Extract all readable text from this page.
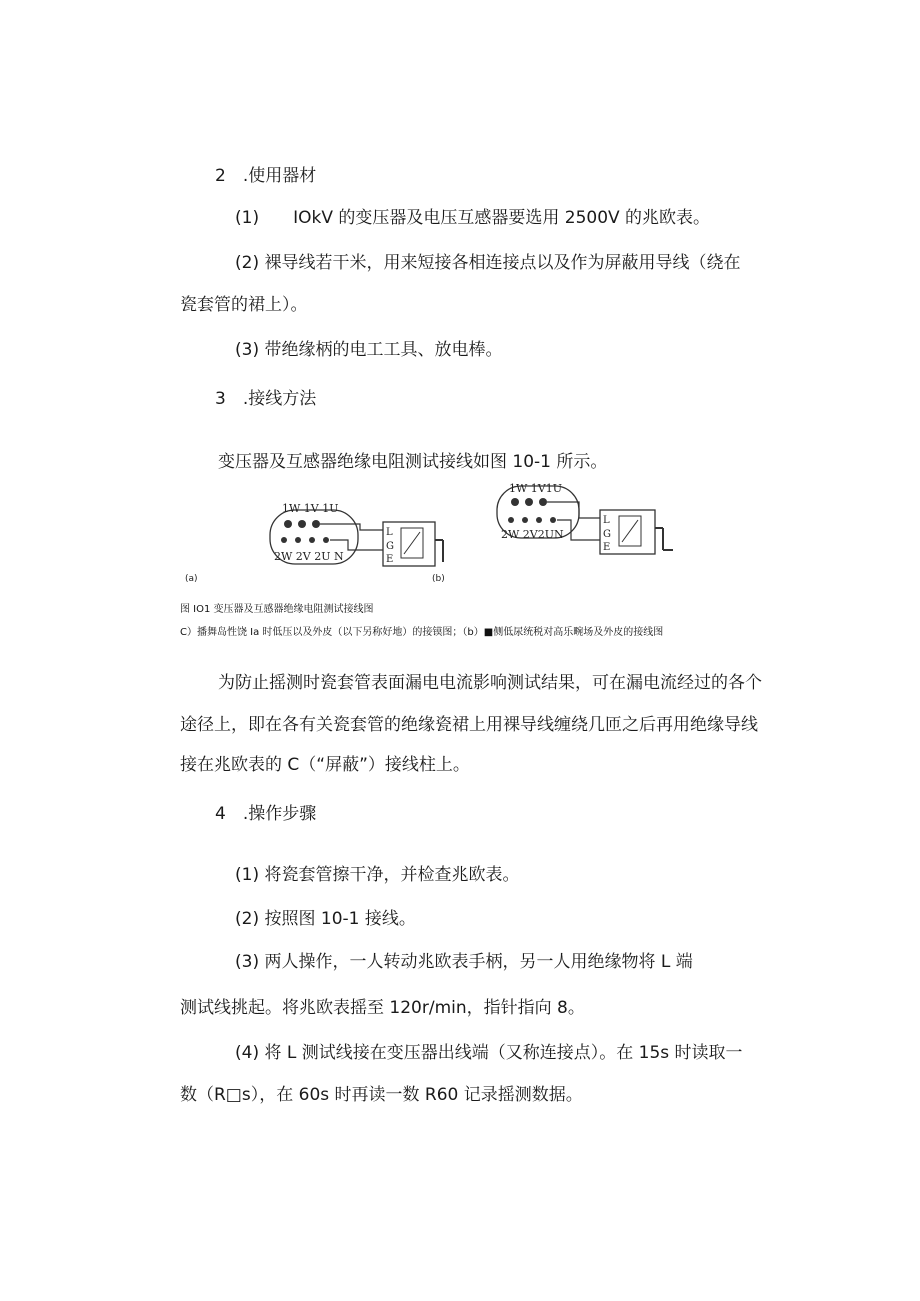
2　.使用器材
(1)　　IOkV 的变压器及电压互感器要选用 2500V 的兆欧表。
(2) 裸导线若干米，用来短接各相连接点以及作为屏蔽用导线（绕在
瓷套管的裙上）。
(3) 带绝缘柄的电工工具、放电棒。
3　.接线方法
变压器及互感器绝缘电阻测试接线如图 10-1 所示。
1W 1V 1U
2W 2V 2U N
L
G
E
(a)
1W 1V1U
2W 2V2UN
L
G
E
(b)
图 IO1 变压器及互感器绝缘电阻测试接线图
C）播舞岛性饶 Ia 时低压以及外皮（以下另称好地）的接镆图；（b）■侧低尿统税对高乐畹场及外皮的接线图
为防止摇测时瓷套管表面漏电电流影响测试结果，可在漏电流经过的各个
途径上，即在各有关瓷套管的绝缘瓷裙上用裸导线缠绕几匝之后再用绝缘导线
接在兆欧表的 C（“屏蔽”）接线柱上。
4　.操作步骤
(1) 将瓷套管擦干净，并检查兆欧表。
(2) 按照图 10-1 接线。
(3) 两人操作，一人转动兆欧表手柄，另一人用绝缘物将 L 端
测试线挑起。将兆欧表摇至 120r∕min，指针指向 8。
(4) 将 L 测试线接在变压器出线端（又称连接点）。在 15s 时读取一
数（R□s），在 60s 时再读一数 R60 记录摇测数据。
